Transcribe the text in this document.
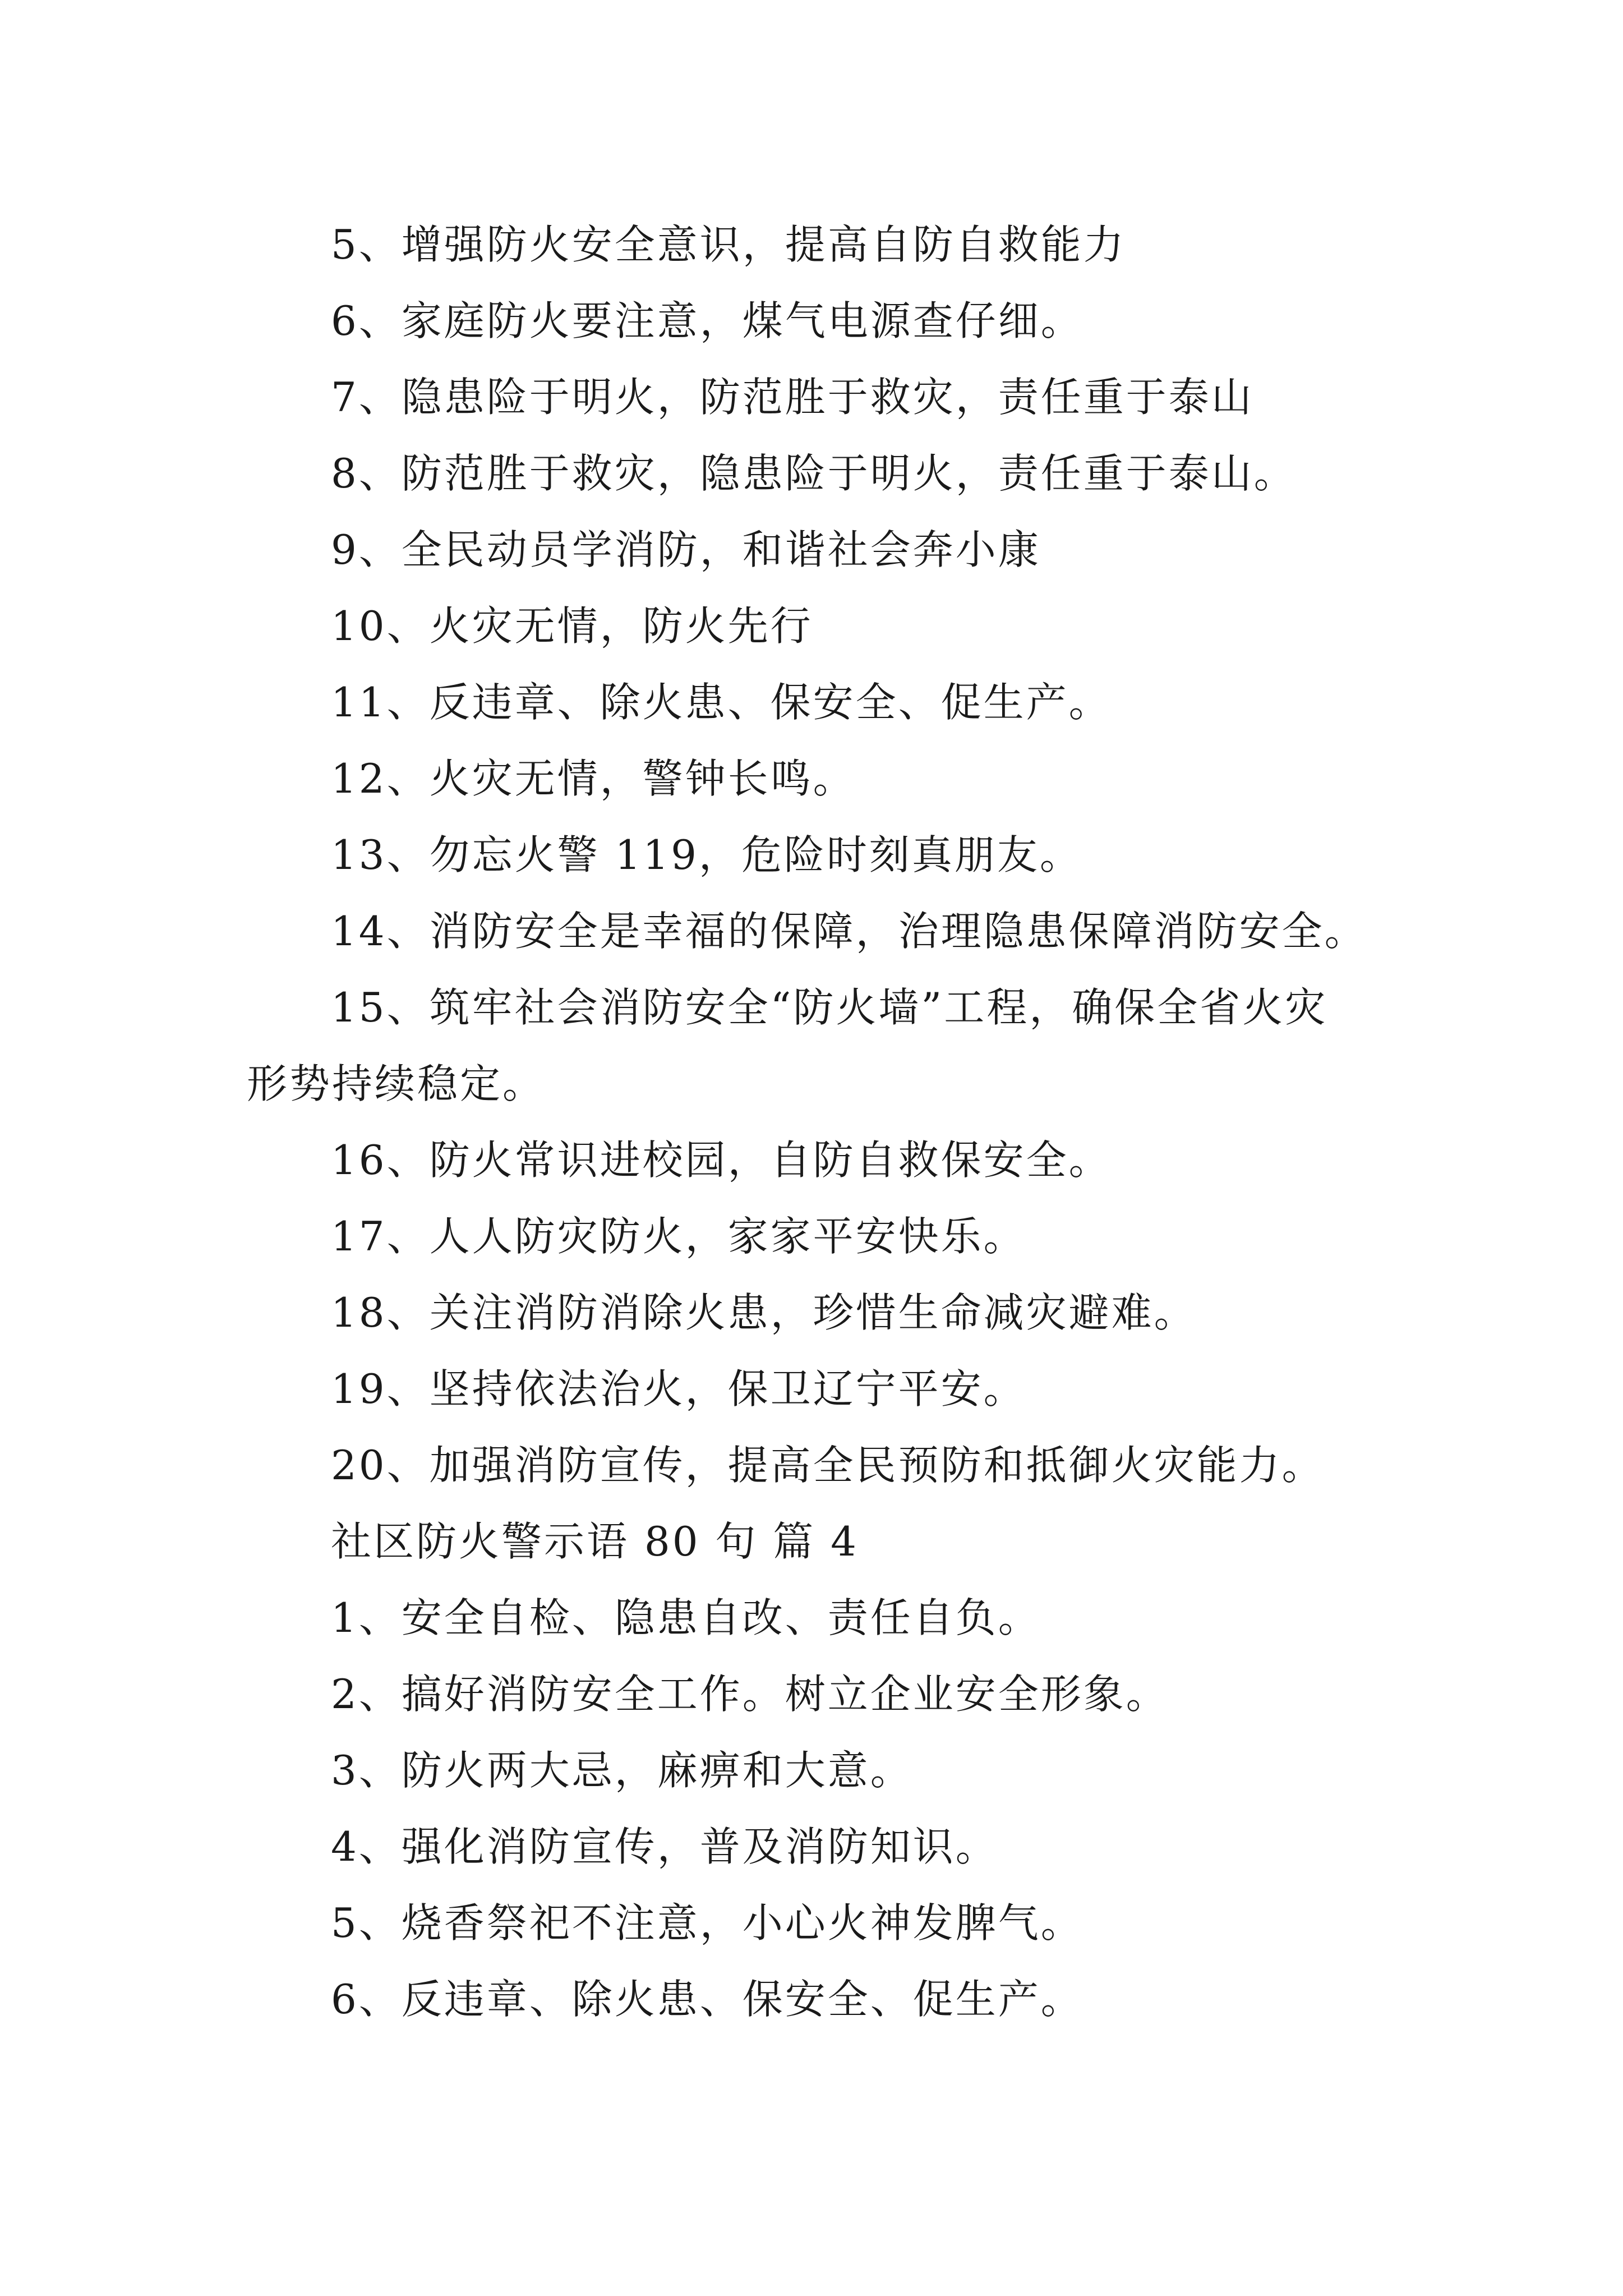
5、增强防火安全意识，提高自防自救能力
6、家庭防火要注意，煤气电源查仔细。
7、隐患险于明火，防范胜于救灾，责任重于泰山
8、防范胜于救灾，隐患险于明火，责任重于泰山。
9、全民动员学消防，和谐社会奔小康
10、火灾无情，防火先行
11、反违章、除火患、保安全、促生产。
12、火灾无情，警钟长鸣。
13、勿忘火警 119，危险时刻真朋友。
14、消防安全是幸福的保障，治理隐患保障消防安全。
15、筑牢社会消防安全“防火墙”工程，确保全省火灾
形势持续稳定。
16、防火常识进校园，自防自救保安全。
17、人人防灾防火，家家平安快乐。
18、关注消防消除火患，珍惜生命减灾避难。
19、坚持依法治火，保卫辽宁平安。
20、加强消防宣传，提高全民预防和抵御火灾能力。
社区防火警示语 80 句 篇 4
1、安全自检、隐患自改、责任自负。
2、搞好消防安全工作。树立企业安全形象。
3、防火两大忌，麻痹和大意。
4、强化消防宣传，普及消防知识。
5、烧香祭祀不注意，小心火神发脾气。
6、反违章、除火患、保安全、促生产。
